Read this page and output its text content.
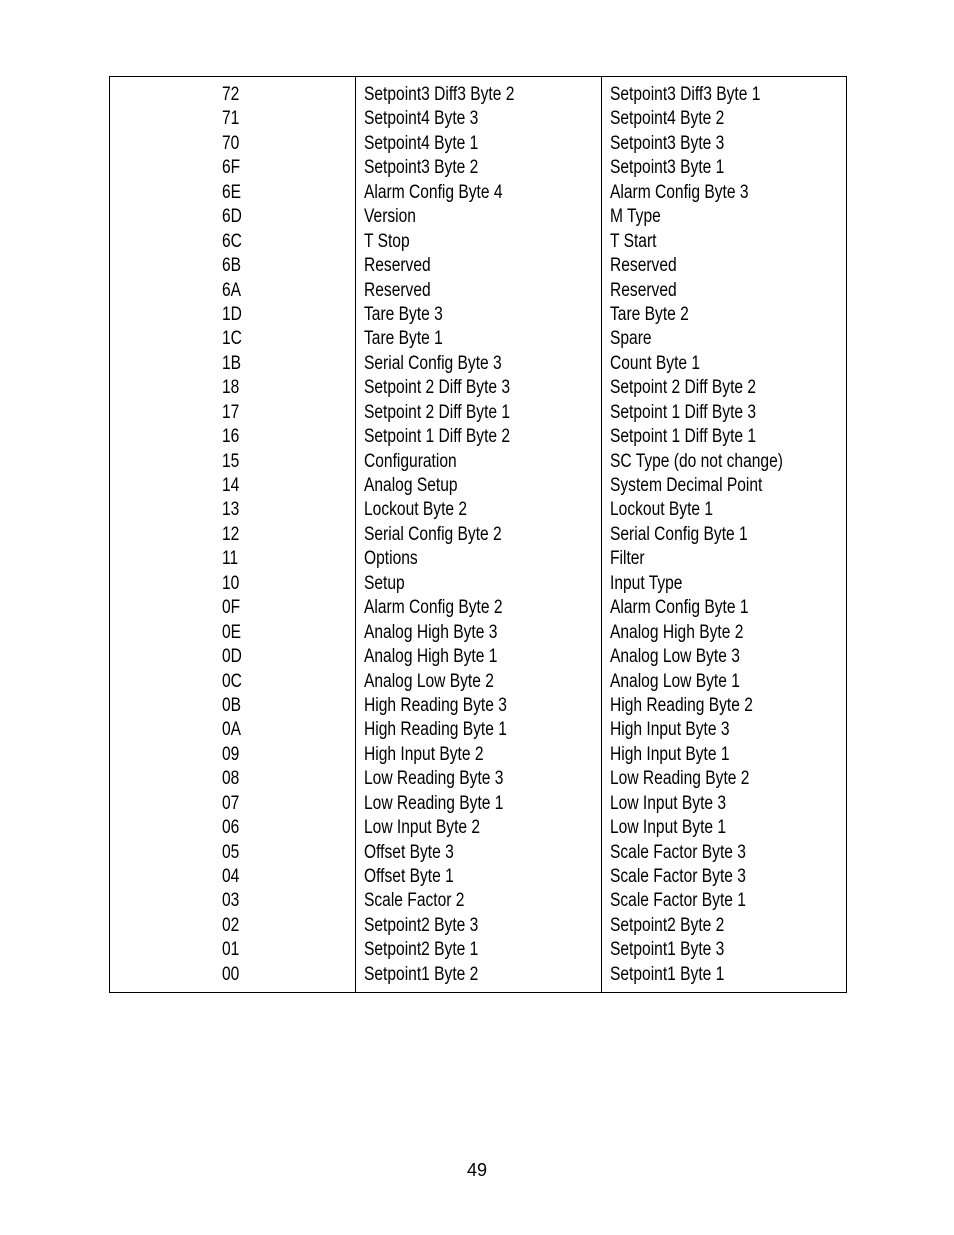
72
71
70
6F
6E
6D
6C
6B
6A
1D
1C
1B
18
17
16
15
14
13
12
11
10
0F
0E
0D
0C
0B
0A
09
08
07
06
05
04
03
02
01
00
Setpoint3 Diff3 Byte 2
Setpoint4 Byte 3
Setpoint4 Byte 1
Setpoint3 Byte 2
Alarm Config Byte 4
Version
T Stop
Reserved
Reserved
Tare Byte 3
Tare Byte 1
Serial Config Byte 3
Setpoint 2 Diff Byte 3
Setpoint 2 Diff Byte 1
Setpoint 1 Diff Byte 2
Configuration
Analog Setup
Lockout Byte 2
Serial Config Byte 2
Options
Setup
Alarm Config Byte 2
Analog High Byte 3
Analog High Byte 1
Analog Low Byte 2
High Reading Byte 3
High Reading Byte 1
High Input Byte 2
Low Reading Byte 3
Low Reading Byte 1
Low Input Byte 2
Offset Byte 3
Offset Byte 1
Scale Factor 2
Setpoint2 Byte 3
Setpoint2 Byte 1
Setpoint1 Byte 2
Setpoint3 Diff3 Byte 1
Setpoint4 Byte 2
Setpoint3 Byte 3
Setpoint3 Byte 1
Alarm Config Byte 3
M Type
T Start
Reserved
Reserved
Tare Byte 2
Spare
Count Byte 1
Setpoint 2 Diff Byte 2
Setpoint 1 Diff Byte 3
Setpoint 1 Diff Byte 1
SC Type (do not change)
System Decimal Point
Lockout Byte 1
Serial Config Byte 1
Filter
Input Type
Alarm Config Byte 1
Analog High Byte 2
Analog Low Byte 3
Analog Low Byte 1
High Reading Byte 2
High Input Byte 3
High Input Byte 1
Low Reading Byte 2
Low Input Byte 3
Low Input Byte 1
Scale Factor Byte 3
Scale Factor Byte 3
Scale Factor Byte 1
Setpoint2 Byte 2
Setpoint1 Byte 3
Setpoint1 Byte 1
49
